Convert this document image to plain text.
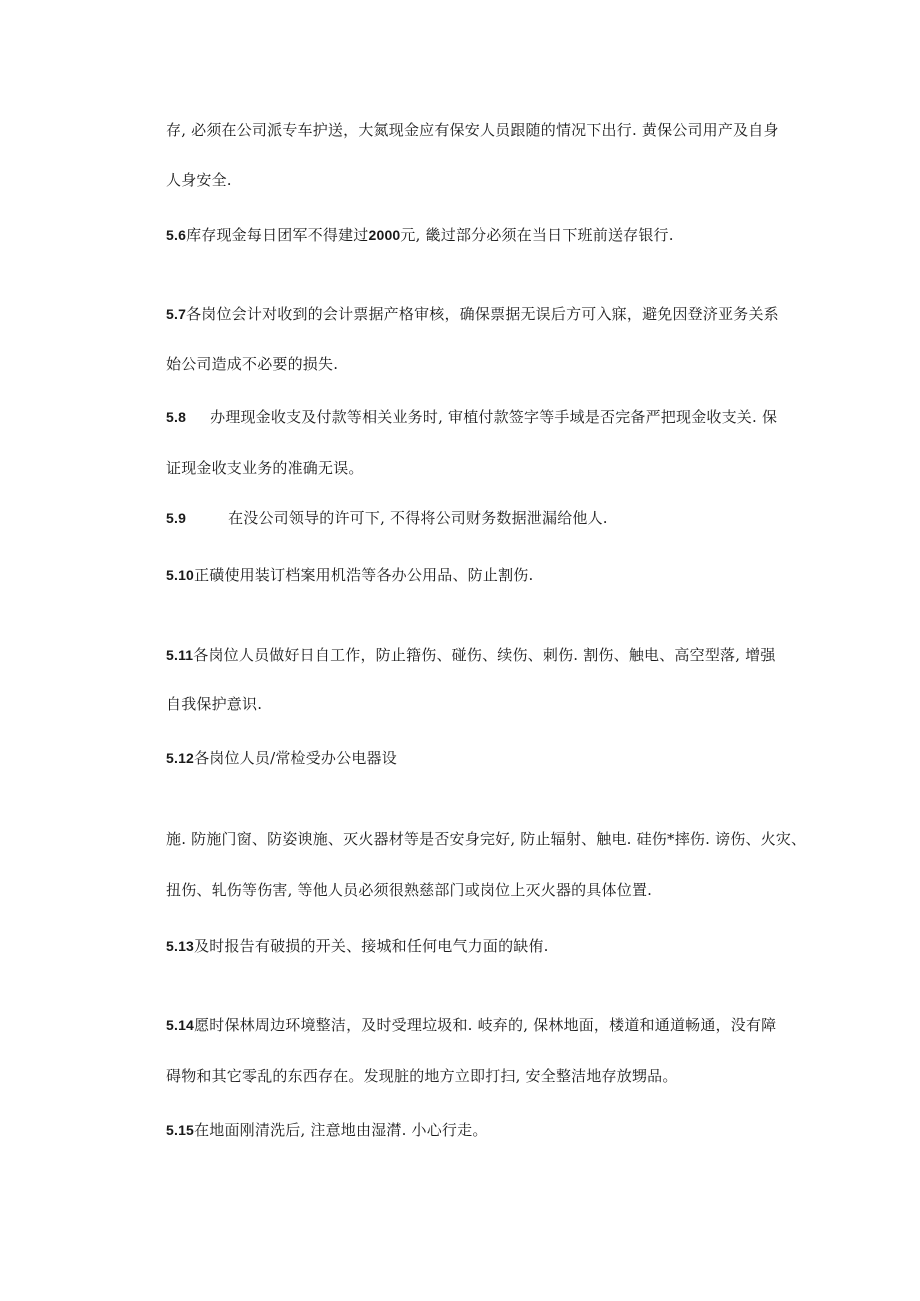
存, 必须在公司派专车护送，大氮现金应有保安人员跟随的情况下出行. 黄保公司用产及自身
人身安全.
5.6库存现金每日团军不得建过2000元, 畿过部分必须在当日下班前送存银行.
5.7各岗位会计对收到的会计票据产格审核，确保票据无误后方可入寐，避免因登济亚务关系
始公司造成不必要的损失.
5.8 办理现金收支及付款等相关业务时, 审植付款签字等手域是否完备严把现金收支关. 保
证现金收支业务的准确无误。
5.9	在没公司领导的许可下, 不得将公司财务数据泄漏给他人.
5.10正磺使用装订档案用机浩等各办公用品、防止割伤.
5.11各岗位人员做好日自工作，防止簎伤、碰伤、续伤、刺伤. 割伤、触电、高空型落, 增强
自我保护意识.
5.12各岗位人员/常检受办公电器设
施. 防施门窗、防姿谀施、灭火器材等是否安身完好, 防止辐射、触电. 硅伤*摔伤. 谤伤、火灾、
扭伤、轧伤等伤害, 等他人员必须很熟慈部门或岗位上灭火器的具体位置.
5.13及时报告有破损的开关、接城和任何电气力面的缺侑.
5.14愿时保林周边环境整洁，及时受理垃圾和. 岐弃的, 保林地面，楼道和通道畅通，没有障
碍物和其它零乱的东西存在。发现脏的地方立即打扫, 安全整洁地存放甥品。
5.15在地面刚清洗后, 注意地由湿潸. 小心行走。
